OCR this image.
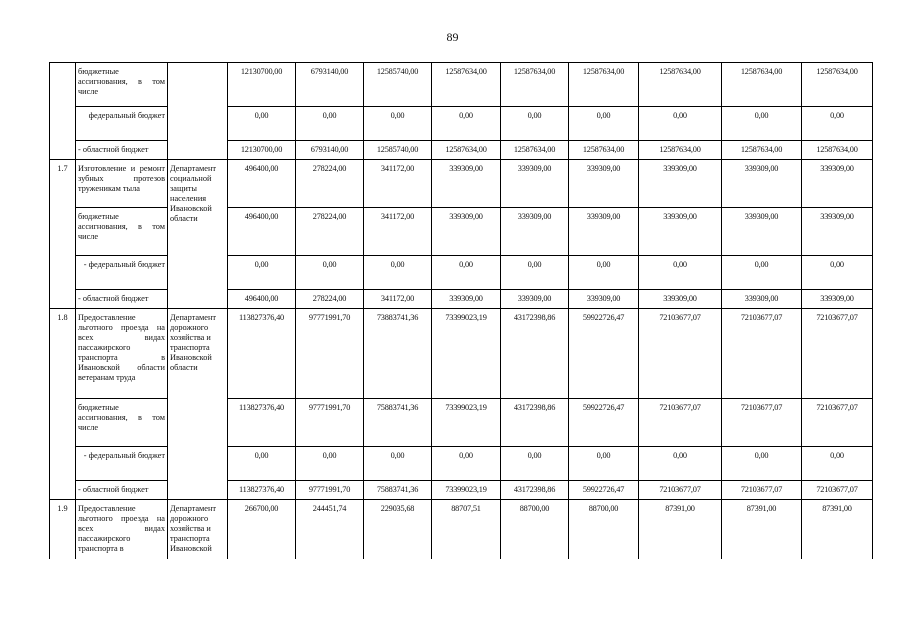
89
	бюджетные ассигнования, в том числе		12130700,00	6793140,00	12585740,00	12587634,00	12587634,00	12587634,00	12587634,00	12587634,00	12587634,00
	федеральный бюджет		0,00	0,00	0,00	0,00	0,00	0,00	0,00	0,00	0,00
	- областной бюджет		12130700,00	6793140,00	12585740,00	12587634,00	12587634,00	12587634,00	12587634,00	12587634,00	12587634,00
1.7	Изготовление и ремонт зубных протезов труженикам тыла	Департамент социальной защиты населения Ивановской области	496400,00	278224,00	341172,00	339309,00	339309,00	339309,00	339309,00	339309,00	339309,00
	бюджетные ассигнования, в том числе		496400,00	278224,00	341172,00	339309,00	339309,00	339309,00	339309,00	339309,00	339309,00
	- федеральный бюджет		0,00	0,00	0,00	0,00	0,00	0,00	0,00	0,00	0,00
	- областной бюджет		496400,00	278224,00	341172,00	339309,00	339309,00	339309,00	339309,00	339309,00	339309,00
1.8	Предоставление льготного проезда на всех видах пассажирского транспорта в Ивановской области ветеранам труда	Департамент дорожного хозяйства и транспорта Ивановской области	113827376,40	97771991,70	73883741,36	73399023,19	43172398,86	59922726,47	72103677,07	72103677,07	72103677,07
	бюджетные ассигнования, в том числе		113827376,40	97771991,70	75883741,36	73399023,19	43172398,86	59922726,47	72103677,07	72103677,07	72103677,07
	- федеральный бюджет		0,00	0,00	0,00	0,00	0,00	0,00	0,00	0,00	0,00
	- областной бюджет		113827376,40	97771991,70	75883741,36	73399023,19	43172398,86	59922726,47	72103677,07	72103677,07	72103677,07
1.9	Предоставление льготного проезда на всех видах пассажирского транспорта в	Департамент дорожного хозяйства и транспорта Ивановской	266700,00	244451,74	229035,68	88707,51	88700,00	88700,00	87391,00	87391,00	87391,00
